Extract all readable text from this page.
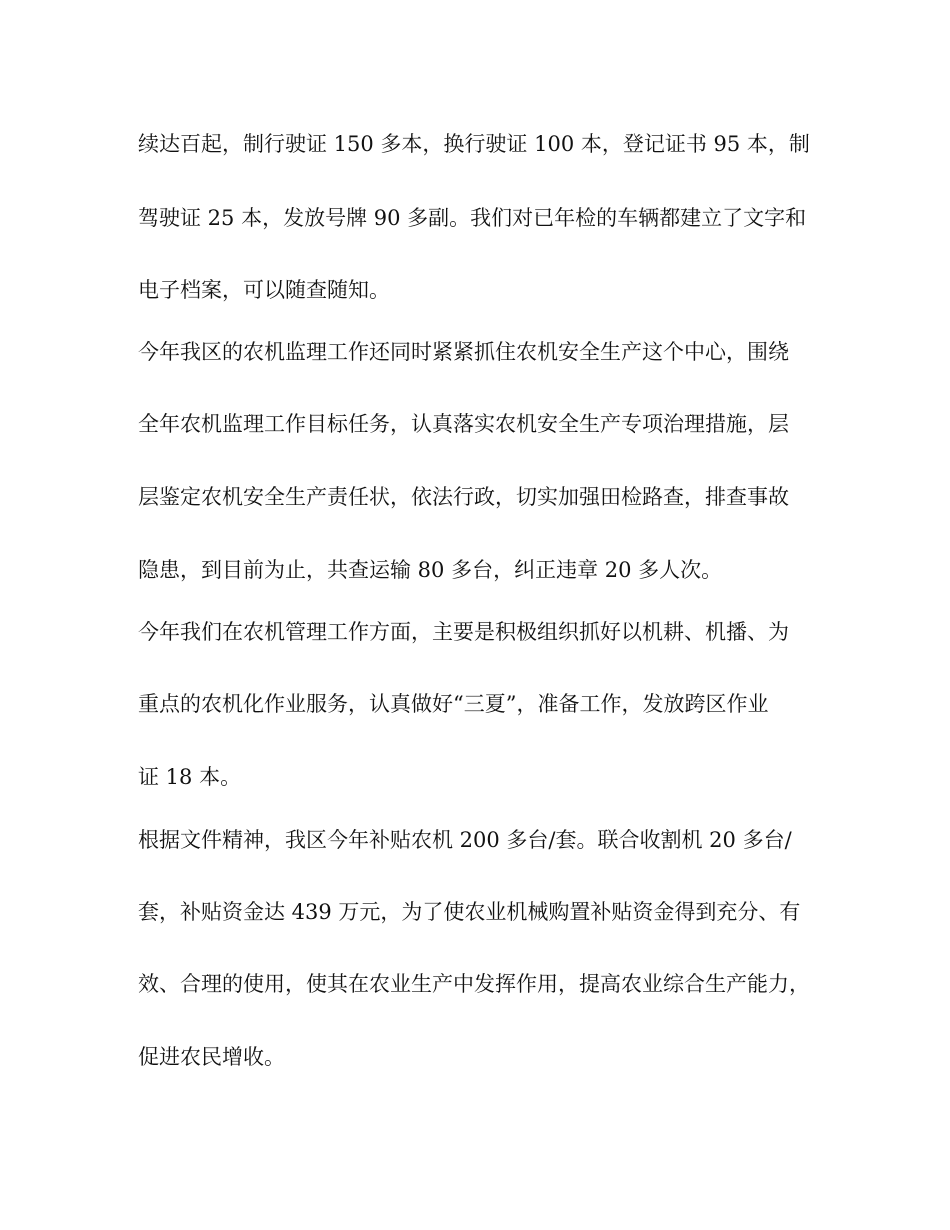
续达百起，制行驶证 150 多本，换行驶证 100 本，登记证书 95 本，制
驾驶证 25 本，发放号牌 90 多副。我们对已年检的车辆都建立了文字和
电子档案，可以随查随知。
今年我区的农机监理工作还同时紧紧抓住农机安全生产这个中心，围绕
全年农机监理工作目标任务，认真落实农机安全生产专项治理措施，层
层鉴定农机安全生产责任状，依法行政，切实加强田检路查，排查事故
隐患，到目前为止，共查运输 80 多台，纠正违章 20 多人次。
今年我们在农机管理工作方面，主要是积极组织抓好以机耕、机播、为
重点的农机化作业服务，认真做好“三夏”，准备工作，发放跨区作业
证 18 本。
根据文件精神，我区今年补贴农机 200 多台/套。联合收割机 20 多台/
套，补贴资金达 439 万元，为了使农业机械购置补贴资金得到充分、有
效、合理的使用，使其在农业生产中发挥作用，提高农业综合生产能力，
促进农民增收。
